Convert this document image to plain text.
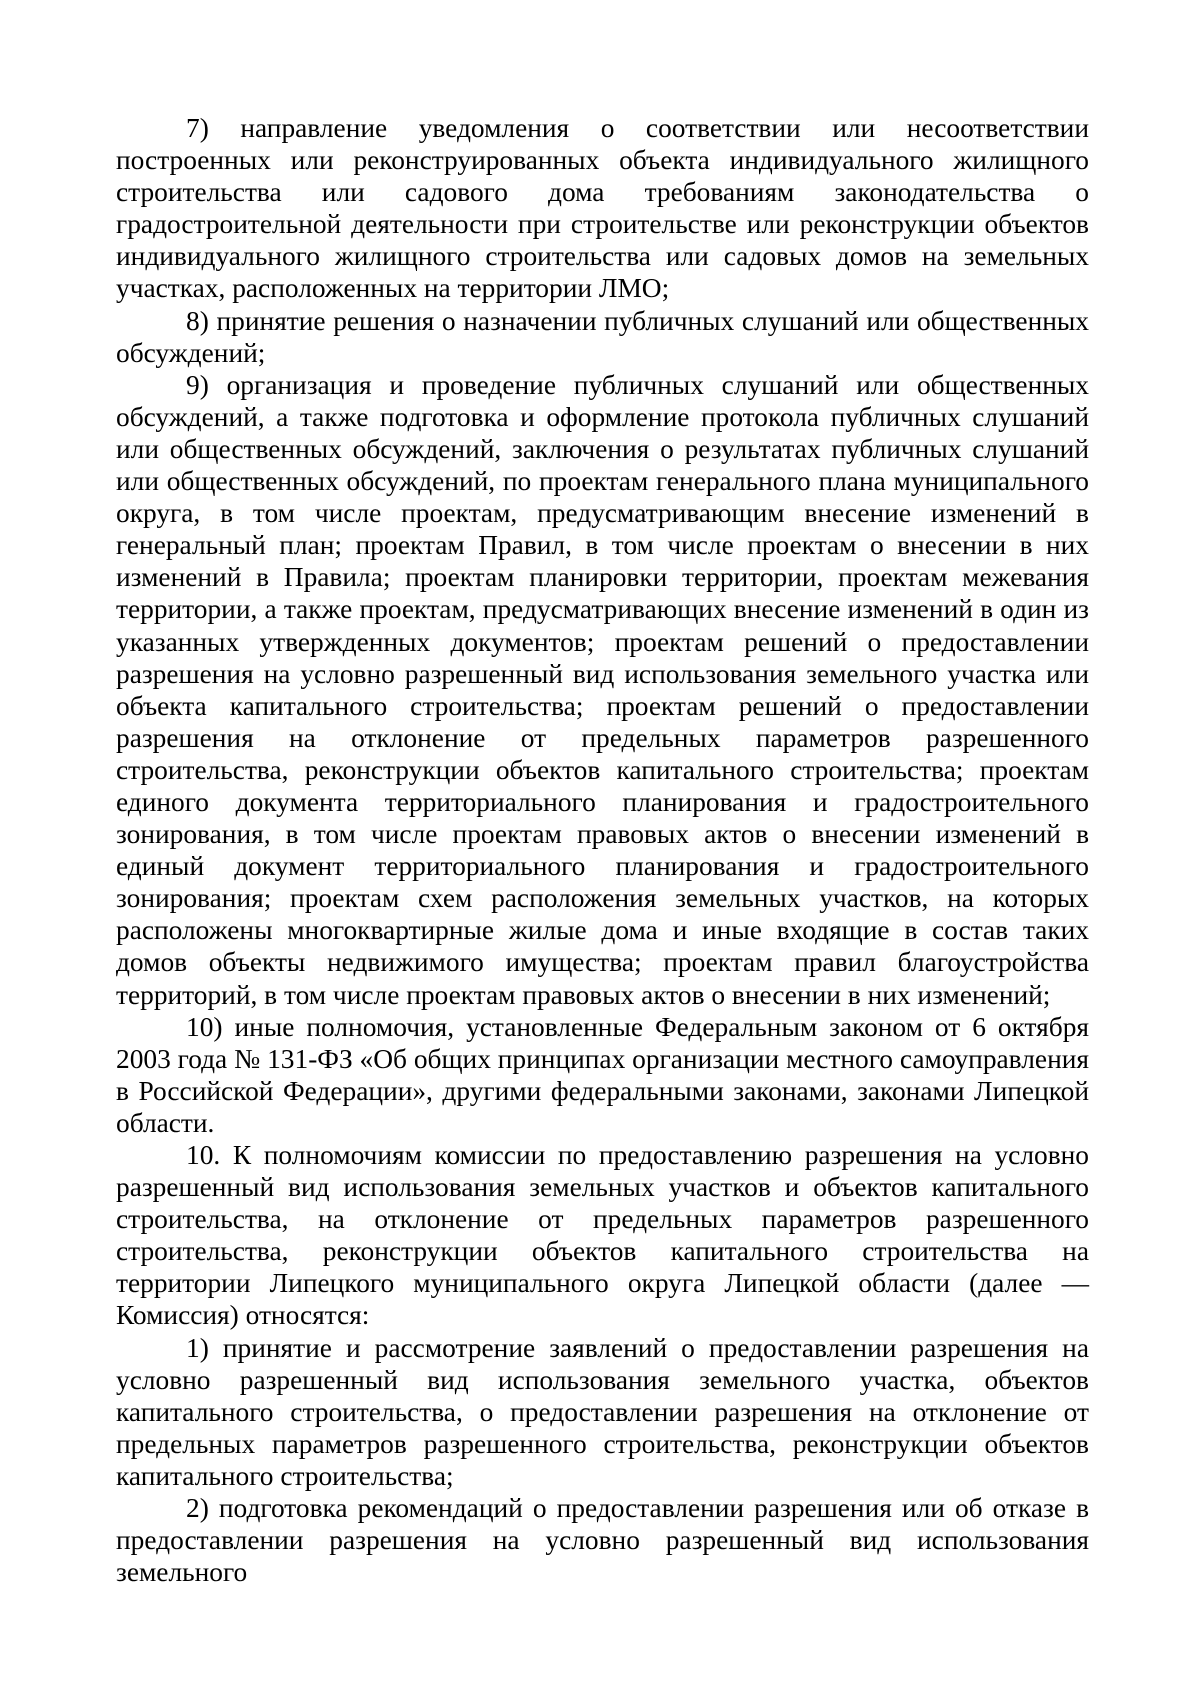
7) направление уведомления о соответствии или несоответствии построенных или реконструированных объекта индивидуального жилищного строительства или садового дома требованиям законодательства о градостроительной деятельности при строительстве или реконструкции объектов индивидуального жилищного строительства или садовых домов на земельных участках, расположенных на территории ЛМО;

8) принятие решения о назначении публичных слушаний или общественных обсуждений;

9) организация и проведение публичных слушаний или общественных обсуждений, а также подготовка и оформление протокола публичных слушаний или общественных обсуждений, заключения о результатах публичных слушаний или общественных обсуждений, по проектам генерального плана муниципального округа, в том числе проектам, предусматривающим внесение изменений в генеральный план; проектам Правил, в том числе проектам о внесении в них изменений в Правила; проектам планировки территории, проектам межевания территории, а также проектам, предусматривающих внесение изменений в один из указанных утвержденных документов; проектам решений о предоставлении разрешения на условно разрешенный вид использования земельного участка или объекта капитального строительства; проектам решений о предоставлении разрешения на отклонение от предельных параметров разрешенного строительства, реконструкции объектов капитального строительства; проектам единого документа территориального планирования и градостроительного зонирования, в том числе проектам правовых актов о внесении изменений в единый документ территориального планирования и градостроительного зонирования; проектам схем расположения земельных участков, на которых расположены многоквартирные жилые дома и иные входящие в состав таких домов объекты недвижимого имущества; проектам правил благоустройства территорий, в том числе проектам правовых актов о внесении в них изменений;

10) иные полномочия, установленные Федеральным законом от 6 октября 2003 года № 131-ФЗ «Об общих принципах организации местного самоуправления в Российской Федерации», другими федеральными законами, законами Липецкой области.

10. К полномочиям комиссии по предоставлению разрешения на условно разрешенный вид использования земельных участков и объектов капитального строительства, на отклонение от предельных параметров разрешенного строительства, реконструкции объектов капитального строительства на территории Липецкого муниципального округа Липецкой области (далее — Комиссия) относятся:

1) принятие и рассмотрение заявлений о предоставлении разрешения на условно разрешенный вид использования земельного участка, объектов капитального строительства, о предоставлении разрешения на отклонение от предельных параметров разрешенного строительства, реконструкции объектов капитального строительства;

2) подготовка рекомендаций о предоставлении разрешения или об отказе в предоставлении разрешения на условно разрешенный вид использования земельного
